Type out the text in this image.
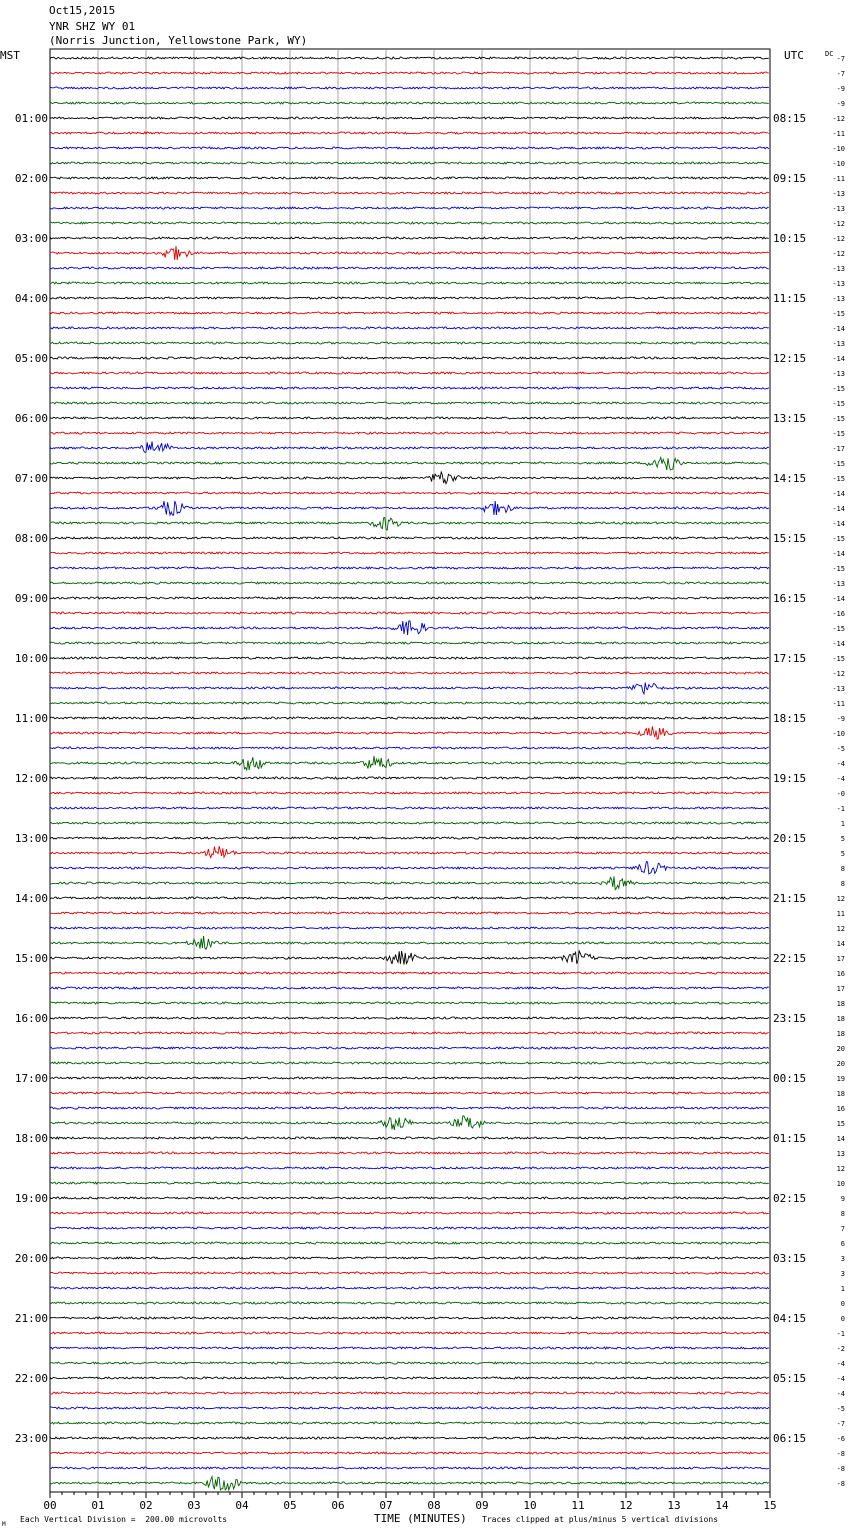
Oct15,2015
YNR SHZ WY 01
(Norris Junction, Yellowstone Park, WY)
MST	UTC	DC
00	01	02	03	04	05	06	07	08	09	10	11	12	13	14	15
-7
-7
-9
-9
-12
-11
-10
-10
-11
-13
-13
-12
-12
-12
-13
-13
-13
-15
-14
-13
-14
-13
-15
-15
-15
-15
-17
-15
-15
-14
-14
-14
-15
-14
-15
-13
-14
-16
-15
-14
-15
-12
-13
-11
-9
-10
-5
-4
-4
-0
-1
1
5
5
8
8
12
11
12
14
17
16
17
18
18
18
20
20
19
18
16
15
14
13
12
10
9
8
7
6
3
3
1
0
0
-1
-2
-4
-4
-4
-5
-7
-6
-8
-8
-8
01:00	08:15
02:00	09:15
03:00	10:15
04:00	11:15
05:00	12:15
06:00	13:15
07:00	14:15
08:00	15:15
09:00	16:15
10:00	17:15
11:00	18:15
12:00	19:15
13:00	20:15
14:00	21:15
15:00	22:15
16:00	23:15
17:00	00:15
18:00	01:15
19:00	02:15
20:00	03:15
21:00	04:15
22:00	05:15
23:00	06:15
M
Each Vertical Division =  200.00 microvolts	TIME (MINUTES) Traces clipped at plus/minus 5 vertical divisions
